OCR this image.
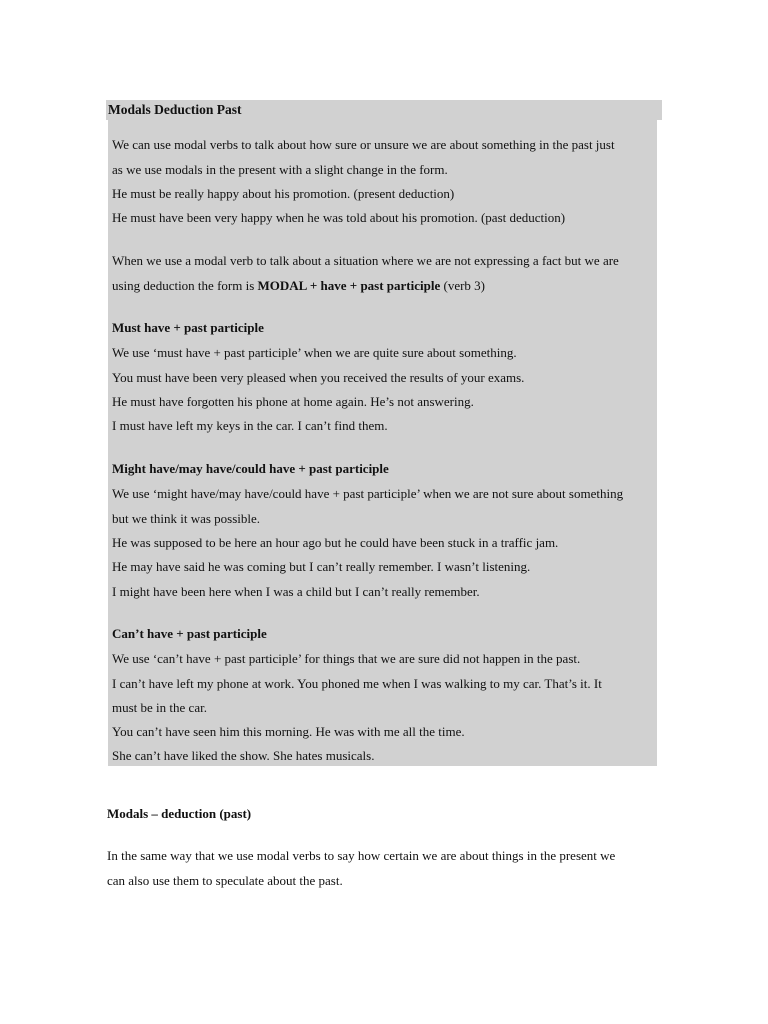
Modals Deduction Past
We can use modal verbs to talk about how sure or unsure we are about something in the past just
as we use modals in the present with a slight change in the form.
He must be really happy about his promotion. (present deduction)
He must have been very happy when he was told about his promotion. (past deduction)
When we use a modal verb to talk about a situation where we are not expressing a fact but we are
using deduction the form is MODAL + have + past participle (verb 3)
Must have + past participle
We use ‘must have + past participle’ when we are quite sure about something.
You must have been very pleased when you received the results of your exams.
He must have forgotten his phone at home again. He’s not answering.
I must have left my keys in the car. I can’t find them.
Might have/may have/could have + past participle
We use ‘might have/may have/could have + past participle’ when we are not sure about something
but we think it was possible.
He was supposed to be here an hour ago but he could have been stuck in a traffic jam.
He may have said he was coming but I can’t really remember. I wasn’t listening.
I might have been here when I was a child but I can’t really remember.
Can’t have + past participle
We use ‘can’t have + past participle’ for things that we are sure did not happen in the past.
I can’t have left my phone at work. You phoned me when I was walking to my car. That’s it. It
must be in the car.
You can’t have seen him this morning. He was with me all the time.
She can’t have liked the show. She hates musicals.
Modals – deduction (past)
In the same way that we use modal verbs to say how certain we are about things in the present we
can also use them to speculate about the past.
